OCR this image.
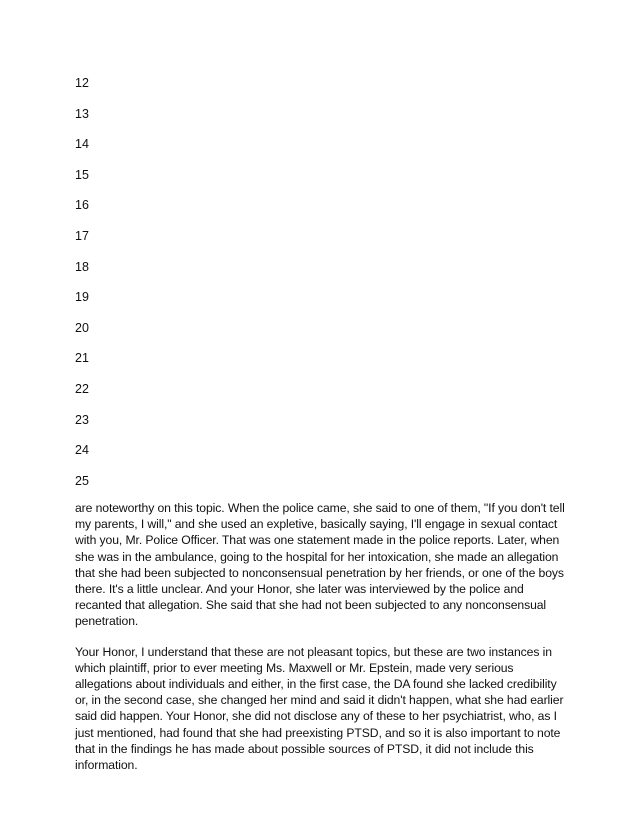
12
13
14
15
16
17
18
19
20
21
22
23
24
25

are noteworthy on this topic. When the police came, she said to one of them, "If you don't tell my parents, I will," and she used an expletive, basically saying, I'll engage in sexual contact with you, Mr. Police Officer. That was one statement made in the police reports. Later, when she was in the ambulance, going to the hospital for her intoxication, she made an allegation that she had been subjected to nonconsensual penetration by her friends, or one of the boys there. It's a little unclear. And your Honor, she later was interviewed by the police and recanted that allegation. She said that she had not been subjected to any nonconsensual penetration.

Your Honor, I understand that these are not pleasant topics, but these are two instances in which plaintiff, prior to ever meeting Ms. Maxwell or Mr. Epstein, made very serious allegations about individuals and either, in the first case, the DA found she lacked credibility or, in the second case, she changed her mind and said it didn't happen, what she had earlier said did happen. Your Honor, she did not disclose any of these to her psychiatrist, who, as I just mentioned, had found that she had preexisting PTSD, and so it is also important to note that in the findings he has made about possible sources of PTSD, it did not include this information.
